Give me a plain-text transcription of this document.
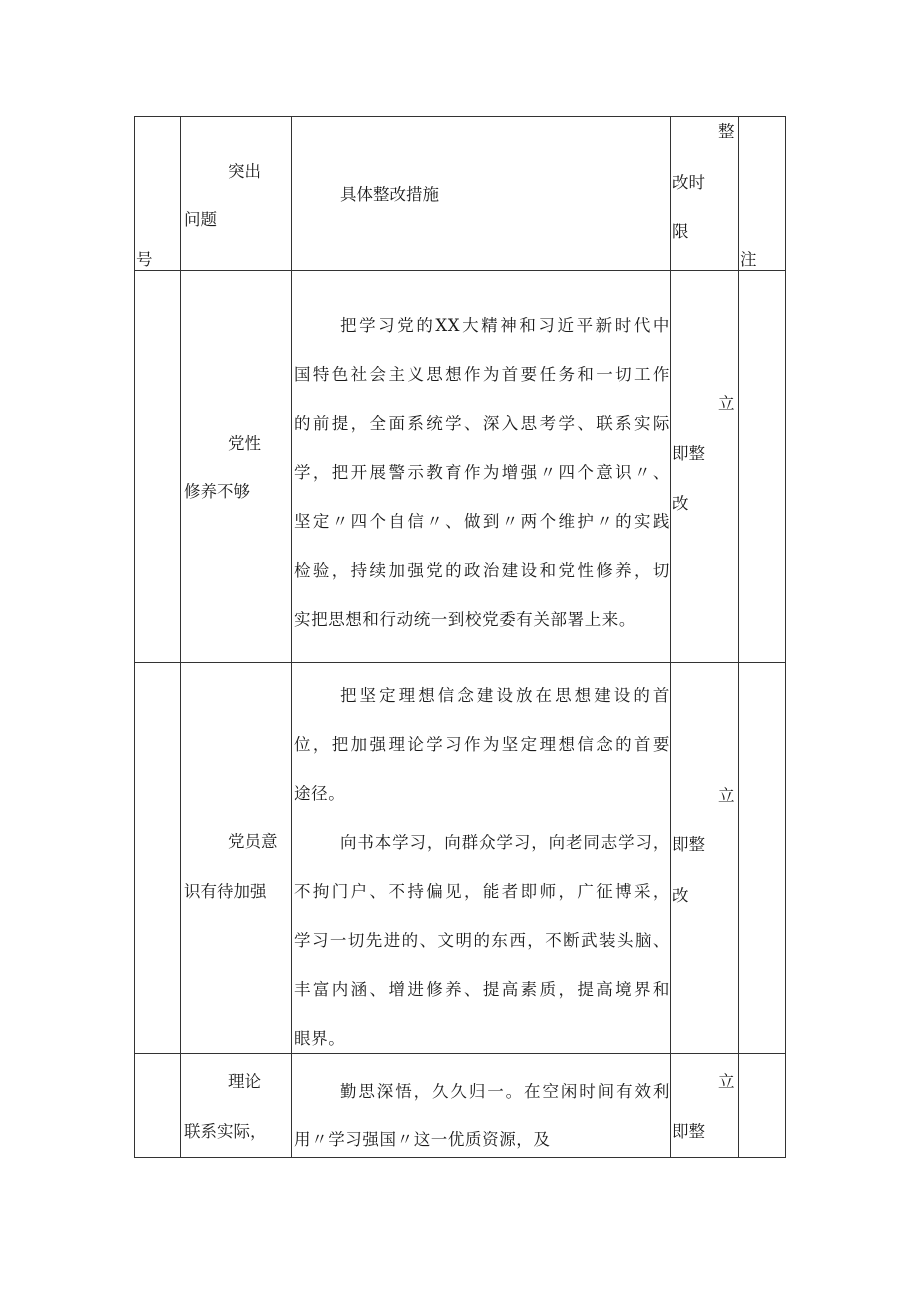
号
突出
问题
具体整改措施
整
改时
限
注
党性
修养不够
把学习党的XX大精神和习近平新时代中
国特色社会主义思想作为首要任务和一切工作
的前提，全面系统学、深入思考学、联系实际
学，把开展警示教育作为增强〃四个意识〃、
坚定〃四个自信〃、做到〃两个维护〃的实践
检验，持续加强党的政治建设和党性修养，切
实把思想和行动统一到校党委有关部署上来。
立
即整
改
党员意
识有待加强
把坚定理想信念建设放在思想建设的首
位，把加强理论学习作为坚定理想信念的首要
途径。
向书本学习，向群众学习，向老同志学习，
不拘门户、不持偏见，能者即师，广征博采，
学习一切先进的、文明的东西，不断武装头脑、
丰富内涵、增进修养、提高素质，提高境界和
眼界。
立
即整
改
理论
联系实际，
勤思深悟，久久归一。在空闲时间有效利
用〃学习强国〃这一优质资源，及
立
即整
